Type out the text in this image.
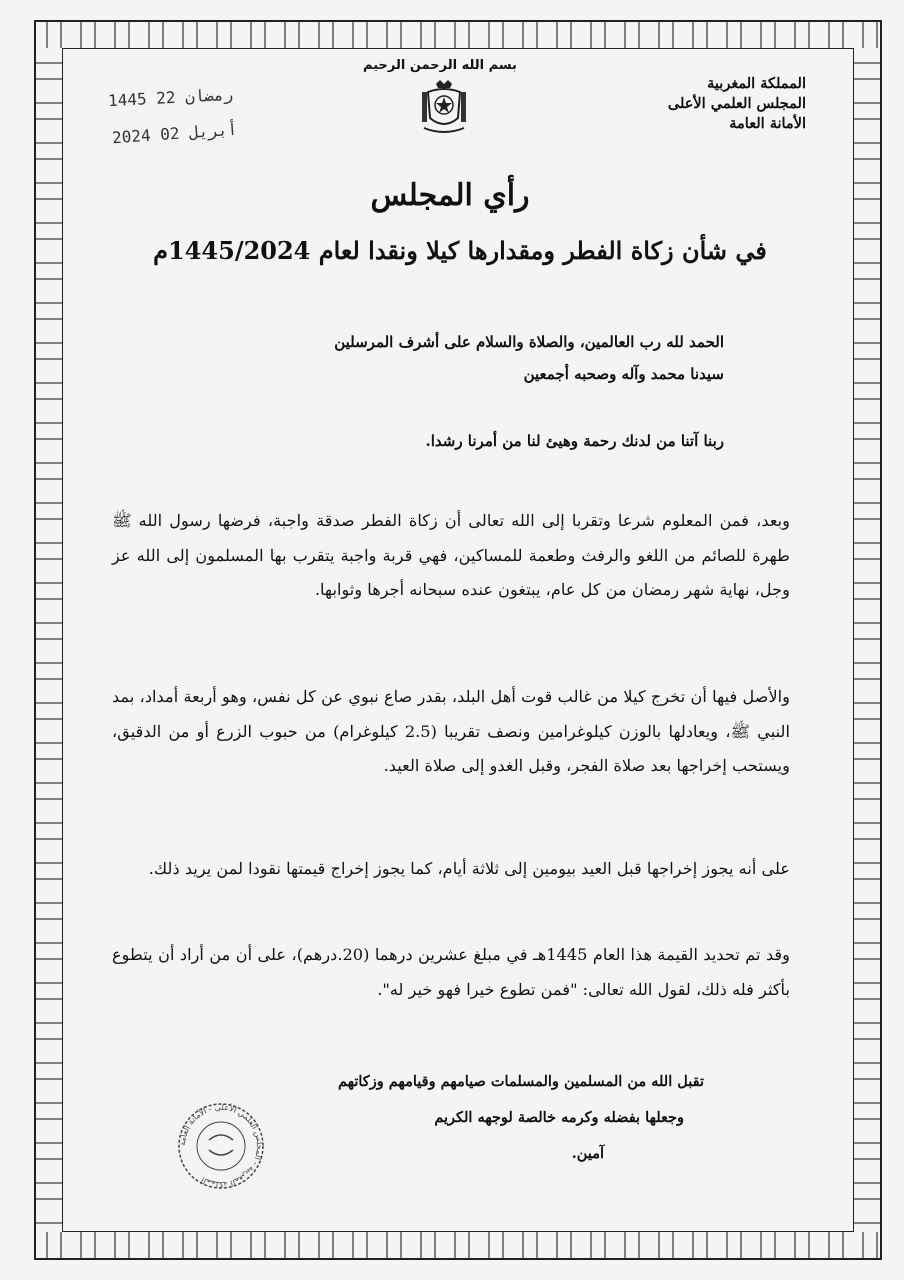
بسم الله الرحمن الرحيم
المملكة المغربية
المجلس العلمي الأعلى
الأمانة العامة
1445 رمضان 22
2024 أبريل 02
رأي المجلس
في شأن زكاة الفطر ومقدارها كيلا ونقدا لعام 1445/2024م
الحمد لله رب العالمين، والصلاة والسلام على أشرف المرسلين
سيدنا محمد وآله وصحبه أجمعين
ربنا آتنا من لدنك رحمة وهيئ لنا من أمرنا رشدا.
وبعد، فمن المعلوم شرعا وتقربا إلى الله تعالى أن زكاة الفطر صدقة واجبة، فرضها رسول الله ﷺ طهرة للصائم من اللغو والرفث وطعمة للمساكين، فهي قربة واجبة يتقرب بها المسلمون إلى الله عز وجل، نهاية شهر رمضان من كل عام، يبتغون عنده سبحانه أجرها وثوابها.
والأصل فيها أن تخرج كيلا من غالب قوت أهل البلد، بقدر صاع نبوي عن كل نفس، وهو أربعة أمداد، بمد النبي ﷺ، ويعادلها بالوزن كيلوغرامين ونصف تقريبا (2.5 كيلوغرام) من حبوب الزرع أو من الدقيق، ويستحب إخراجها بعد صلاة الفجر، وقبل الغدو إلى صلاة العيد.
على أنه يجوز إخراجها قبل العيد بيومين إلى ثلاثة أيام، كما يجوز إخراج قيمتها نقودا لمن يريد ذلك.
وقد تم تحديد القيمة هذا العام 1445هـ في مبلغ عشرين درهما (20.درهم)، على أن من أراد أن يتطوع بأكثر فله ذلك، لقول الله تعالى: "فمن تطوع خيرا فهو خير له".
تقبل الله من المسلمين والمسلمات صيامهم وقيامهم وزكاتهم
وجعلها بفضله وكرمه خالصة لوجهه الكريم
آمين.
المملكة المغربية - المجلس العلمي الأعلى - الأمانة العامة
